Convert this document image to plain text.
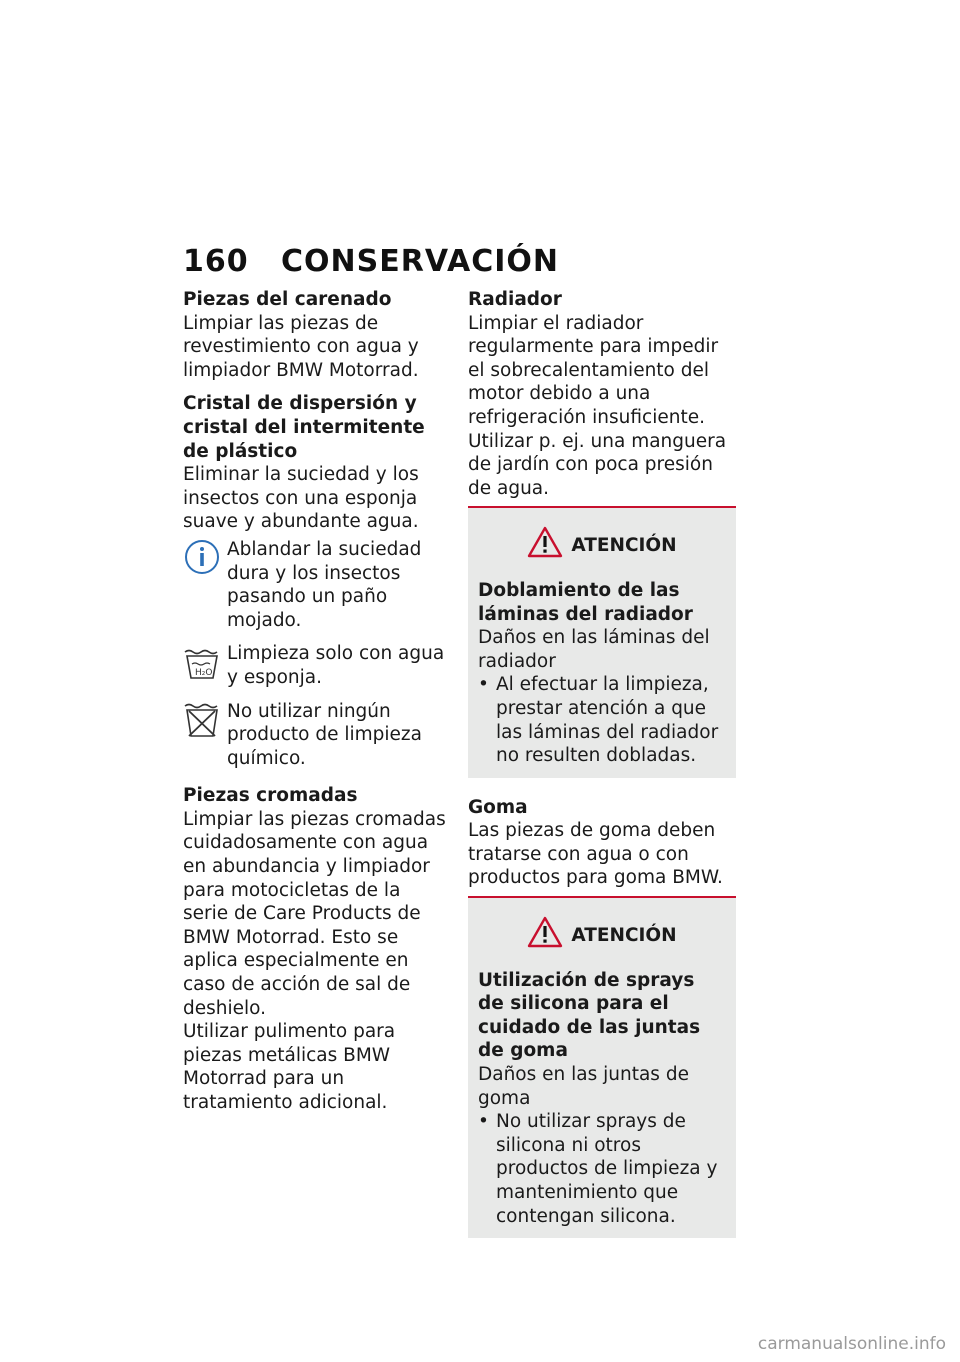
160 CONSERVACIÓN
Piezas del carenado
Limpiar las piezas de revestimiento con agua y limpiador BMW Motorrad.
Cristal de dispersión y cristal del intermitente de plástico
Eliminar la suciedad y los insectos con una esponja suave y abundante agua.
Ablandar la suciedad dura y los insectos pasando un paño mojado.
H₂O
Limpieza solo con agua y esponja.
No utilizar ningún producto de limpieza químico.
Piezas cromadas
Limpiar las piezas cromadas cuidadosamente con agua en abundancia y limpiador para motocicletas de la serie de Care Products de BMW Motorrad. Esto se aplica especialmente en caso de acción de sal de deshielo.
Utilizar pulimento para piezas metálicas BMW Motorrad para un tratamiento adicional.
Radiador
Limpiar el radiador regularmente para impedir el sobrecalentamiento del motor debido a una refrigeración insuficiente.
Utilizar p. ej. una manguera de jardín con poca presión de agua.
ATENCIÓN
Doblamiento de las láminas del radiador
Daños en las láminas del radiador
• Al efectuar la limpieza, prestar atención a que las láminas del radiador no resulten dobladas.
Goma
Las piezas de goma deben tratarse con agua o con productos para goma BMW.
ATENCIÓN
Utilización de sprays de silicona para el cuidado de las juntas de goma
Daños en las juntas de goma
• No utilizar sprays de silicona ni otros productos de limpieza y mantenimiento que contengan silicona.
carmanualsonline.info
